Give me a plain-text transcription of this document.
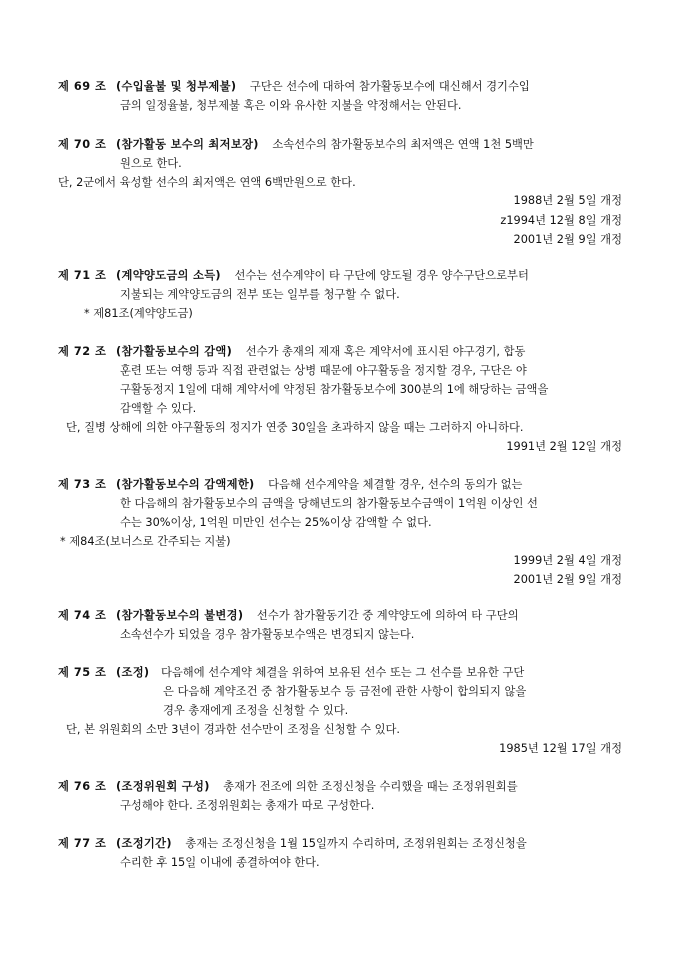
제 69 조 (수입율불 및 청부제불) 구단은 선수에 대하여 참가활동보수에 대신해서 경기수입
금의 일정율불, 청부제불 혹은 이와 유사한 지불을 약정해서는 안된다.
제 70 조 (참가활동 보수의 최저보장) 소속선수의 참가활동보수의 최저액은 연액 1천 5백만
원으로 한다.
단, 2군에서 육성할 선수의 최저액은 연액 6백만원으로 한다.
1988년 2월 5일 개정
z1994년 12월 8일 개정
2001년 2월 9일 개정
제 71 조 (계약양도금의 소득) 선수는 선수계약이 타 구단에 양도될 경우 양수구단으로부터
지불되는 계약양도금의 전부 또는 일부를 청구할 수 없다.
* 제81조(계약양도금)
제 72 조 (참가활동보수의 감액) 선수가 총재의 제재 혹은 계약서에 표시된 야구경기, 합동
훈련 또는 여행 등과 직접 관련없는 상병 때문에 야구활동을 정지할 경우, 구단은 야
구활동정지 1일에 대해 계약서에 약정된 참가활동보수에 300분의 1에 해당하는 금액을
감액할 수 있다.
단, 질병 상해에 의한 야구활동의 정지가 연중 30일을 초과하지 않을 때는 그러하지 아니하다.
1991년 2월 12일 개정
제 73 조 (참가활동보수의 감액제한) 다음해 선수계약을 체결할 경우, 선수의 동의가 없는
한 다음해의 참가활동보수의 금액을 당해년도의 참가활동보수금액이 1억원 이상인 선
수는 30%이상, 1억원 미만인 선수는 25%이상 감액할 수 없다.
* 제84조(보너스로 간주되는 지불)
1999년 2월 4일 개정
2001년 2월 9일 개정
제 74 조 (참가활동보수의 불변경) 선수가 참가활동기간 중 계약양도에 의하여 타 구단의
소속선수가 되었을 경우 참가활동보수액은 변경되지 않는다.
제 75 조 (조정) 다음해에 선수계약 체결을 위하여 보유된 선수 또는 그 선수를 보유한 구단
은 다음해 계약조건 중 참가활동보수 등 금전에 관한 사항이 합의되지 않을
경우 총재에게 조정을 신청할 수 있다.
단, 본 위원회의 소만 3년이 경과한 선수만이 조정을 신청할 수 있다.
1985년 12월 17일 개정
제 76 조 (조정위원회 구성) 총재가 전조에 의한 조정신청을 수리했을 때는 조정위원회를
구성해야 한다. 조정위원회는 총재가 따로 구성한다.
제 77 조 (조정기간) 총재는 조정신청을 1월 15일까지 수리하며, 조정위원회는 조정신청을
수리한 후 15일 이내에 종결하여야 한다.
